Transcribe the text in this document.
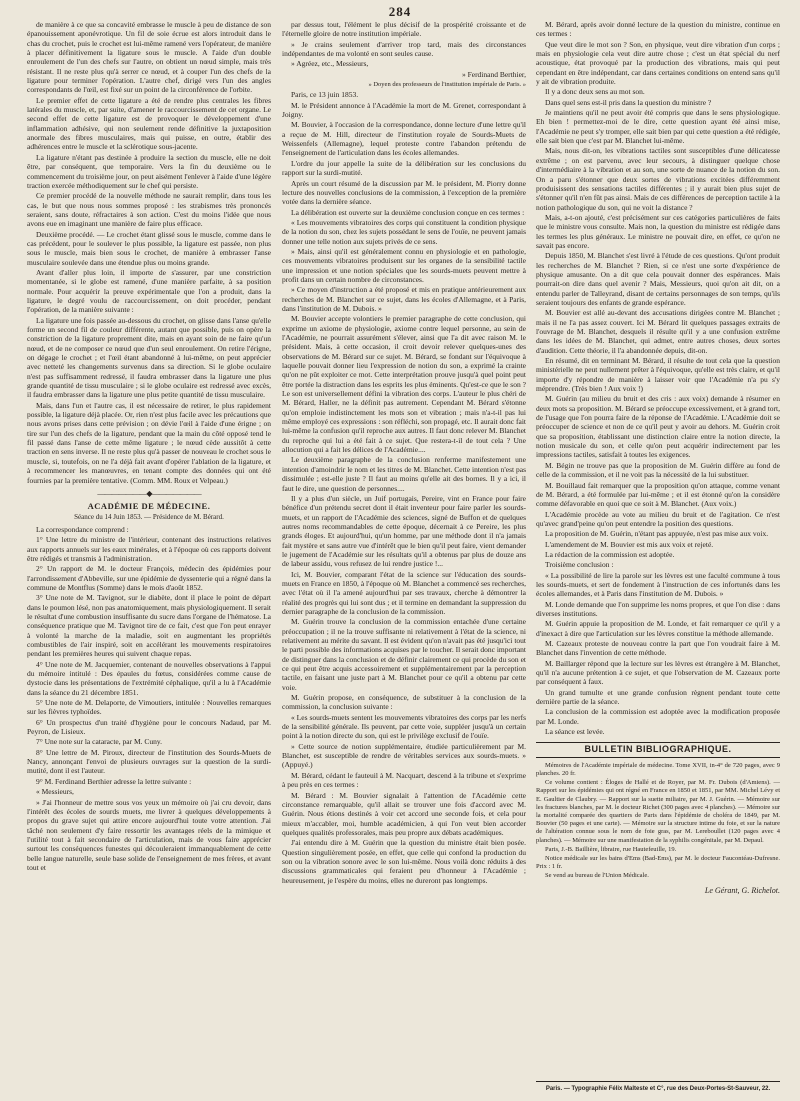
284

de manière à ce que sa concavité embrasse le muscle à peu de distance de son épanouissement aponévrotique. Un fil de soie écrue est alors introduit dans le chas du crochet, puis le crochet est lui-même ramené vers l'opérateur, de manière à placer définitivement la ligature sous le muscle. A l'aide d'un double enroulement de l'un des chefs sur l'autre, on obtient un nœud simple, mais très résistant. Il ne reste plus qu'à serrer ce nœud, et à couper l'un des chefs de la ligature pour terminer l'opération. L'autre chef, dirigé vers l'un des angles correspondants de l'œil, est fixé sur un point de la circonférence de l'orbite.

Le premier effet de cette ligature a été de rendre plus centrales les fibres latérales du muscle, et, par suite, d'amener le raccourcissement de cet organe. Le second effet de cette ligature est de provoquer le développement d'une inflammation adhésive, qui non seulement rende définitive la juxtaposition anormale des fibres musculaires, mais qui puisse, en outre, établir des adhérences entre le muscle et la sclérotique sous-jacente.

La ligature n'étant pas destinée à produire la section du muscle, elle ne doit être, par conséquent, que temporaire. Vers la fin du deuxième ou le commencement du troisième jour, on peut aisément l'enlever à l'aide d'une légère traction exercée méthodiquement sur le chef qui persiste.

Ce premier procédé de la nouvelle méthode ne saurait remplir, dans tous les cas, le but que nous nous sommes proposé : les strabismes très prononcés seraient, sans doute, réfractaires à son action. C'est du moins l'idée que nous avons eue en imaginant une manière de faire plus efficace.

Deuxième procédé. — Le crochet étant glissé sous le muscle, comme dans le cas précédent, pour le soulever le plus possible, la ligature est passée, non plus sous le muscle, mais bien sous le crochet, de manière à embrasser l'anse musculaire soulevée dans une étendue plus ou moins grande.

Avant d'aller plus loin, il importe de s'assurer, par une constriction momentanée, si le globe est ramené, d'une manière parfaite, à sa position normale. Pour acquérir la preuve expérimentale que l'on a produit, dans la ligature, le degré voulu de raccourcissement, on doit procéder, pendant l'opération, de la manière suivante :

La ligature une fois passée au-dessous du crochet, on glisse dans l'anse qu'elle forme un second fil de couleur différente, autant que possible, puis on opère la constriction de la ligature proprement dite, mais en ayant soin de ne faire qu'un nœud, et de ne composer ce nœud que d'un seul enroulement. On retire l'érigne, on dégage le crochet ; et l'œil étant abandonné à lui-même, on peut apprécier avec netteté les changements survenus dans sa direction. Si le globe oculaire n'est pas suffisamment redressé, il faudra embrasser dans la ligature une plus grande quantité de tissu musculaire ; si le globe oculaire est redressé avec excès, il faudra embrasser dans la ligature une plus petite quantité de tissu musculaire.

Mais, dans l'un et l'autre cas, il est nécessaire de retirer, le plus rapidement possible, la ligature déjà placée. Or, rien n'est plus facile avec les précautions que nous avons prises dans cette prévision ; on dévie l'œil à l'aide d'une érigne ; on tire sur l'un des chefs de la ligature, pendant que la main du côté opposé tend le fil passé dans l'anse de cette même ligature ; le nœud cède aussitôt à cette traction en sens inverse. Il ne reste plus qu'à passer de nouveau le crochet sous le muscle, si, toutefois, on ne l'a déjà fait avant d'opérer l'ablation de la ligature, et à recommencer les manœuvres, en tenant compte des données qui ont été fournies par la première tentative. (Comm. MM. Roux et Velpeau.)

―――――――◆―――――――
ACADÉMIE DE MÉDECINE.
Séance du 14 Juin 1853. — Présidence de M. Bérard.

La correspondance comprend :

1° Une lettre du ministre de l'intérieur, contenant des instructions relatives aux rapports annuels sur les eaux minérales, et à l'époque où ces rapports doivent être rédigés et transmis à l'administration.

2° Un rapport de M. le docteur François, médecin des épidémies pour l'arrondissement d'Abbeville, sur une épidémie de dyssenterie qui a régné dans la commune de Montflus (Somme) dans le mois d'août 1852.

3° Une note de M. Tavignot, sur le diabète, dont il place le point de départ dans le poumon lésé, non pas anatomiquement, mais physiologiquement. Il serait le résultat d'une combustion insuffisante du sucre dans l'organe de l'hématose. La conséquence pratique que M. Tavignot tire de ce fait, c'est que l'on peut enrayer à volonté la marche de la maladie, soit en augmentant les propriétés combustibles de l'air inspiré, soit en accélérant les mouvements respiratoires pendant les premières heures qui suivent chaque repas.

4° Une note de M. Jacquemier, contenant de nouvelles observations à l'appui du mémoire intitulé : Des épaules du fœtus, considérées comme cause de dystocie dans les présentations de l'extrémité céphalique, qu'il a lu à l'Académie dans la séance du 21 décembre 1851.

5° Une note de M. Delaporte, de Vimoutiers, intitulée : Nouvelles remarques sur les fièvres typhoïdes.

6° Un prospectus d'un traité d'hygiène pour le concours Nadaud, par M. Peyron, de Lisieux.

7° Une note sur la cataracte, par M. Cuny.

8° Une lettre de M. Piroux, directeur de l'institution des Sourds-Muets de Nancy, annonçant l'envoi de plusieurs ouvrages sur la question de la surdi-mutité, dont il est l'auteur.

9° M. Ferdinand Berthier adresse la lettre suivante :

« Messieurs,

» J'ai l'honneur de mettre sous vos yeux un mémoire où j'ai cru devoir, dans l'intérêt des écoles de sourds muets, me livrer à quelques développements à propos du grave sujet qui attire encore aujourd'hui toute votre attention. J'ai tâché non seulement d'y faire ressortir les avantages réels de la mimique et l'utilité tout à fait secondaire de l'articulation, mais de vous faire apprécier surtout les conséquences funestes qui découleraient immanquablement de cette belle langue naturelle, seule base solide de l'enseignement de mes frères, et avant tout et

par dessus tout, l'élément le plus décisif de la prospérité croissante et de l'éternelle gloire de notre institution impériale.

» Je crains seulement d'arriver trop tard, mais des circonstances indépendantes de ma volonté en sont seules cause.

» Agréez, etc., Messieurs,

» Ferdinand Berthier,

» Doyen des professeurs de l'institution impériale de Paris. »

Paris, ce 13 juin 1853.

M. le Président annonce à l'Académie la mort de M. Grenet, correspondant à Joigny.

M. Bouvier, à l'occasion de la correspondance, donne lecture d'une lettre qu'il a reçue de M. Hill, directeur de l'institution royale de Sourds-Muets de Weissenfels (Allemagne), lequel proteste contre l'abandon prétendu de l'enseignement de l'articulation dans les écoles allemandes.

L'ordre du jour appelle la suite de la délibération sur les conclusions du rapport sur la surdi-mutité.

Après un court résumé de la discussion par M. le président, M. Piorry donne lecture des nouvelles conclusions de la commission, à l'exception de la première votée dans la dernière séance.

La délibération est ouverte sur la deuxième conclusion conçue en ces termes :

« Les mouvements vibratoires des corps qui constituent la condition physique de la notion du son, chez les sujets possédant le sens de l'ouïe, ne peuvent jamais donner une telle notion aux sujets privés de ce sens.

» Mais, ainsi qu'il est généralement connu en physiologie et en pathologie, ces mouvements vibratoires produisent sur les organes de la sensibilité tactile une impression et une notion spéciales que les sourds-muets peuvent mettre à profit dans un certain nombre de circonstances.

» Ce moyen d'instruction a été proposé et mis en pratique antérieurement aux recherches de M. Blanchet sur ce sujet, dans les écoles d'Allemagne, et à Paris, dans l'institution de M. Dubois. »

M. Bouvier accepte volontiers le premier paragraphe de cette conclusion, qui exprime un axiome de physiologie, axiome contre lequel personne, au sein de l'Académie, ne pourrait assurément s'élever, ainsi que l'a dit avec raison M. le président. Mais, à cette occasion, il croit devoir relever quelques-unes des observations de M. Bérard sur ce sujet. M. Bérard, se fondant sur l'équivoque à laquelle pouvait donner lieu l'expression de notion du son, a exprimé la crainte qu'on ne pût exploiter ce mot. Cette interprétation prouve jusqu'à quel point peut être portée la distraction dans les esprits les plus éminents. Qu'est-ce que le son ? Le son est universellement défini la vibration des corps. L'auteur le plus chéri de M. Bérard, Haller, ne la définit pas autrement. Cependant M. Bérard s'étonne qu'on emploie indistinctement les mots son et vibration ; mais n'a-t-il pas lui même employé ces expressions : son réfléchi, son propagé, etc. Il aurait donc fait lui-même la confusion qu'il reproche aux autres. Il faut donc relever M. Blanchet du reproche qui lui a été fait à ce sujet. Que restera-t-il de tout cela ? Une allocution qui a fait les délices de l'Académie....

Le deuxième paragraphe de la conclusion renferme manifestement une intention d'amoindrir le nom et les titres de M. Blanchet. Cette intention n'est pas dissimulée ; est-elle juste ? Il faut au moins qu'elle ait des bornes. Il y a ici, il faut le dire, une question de personnes....

Il y a plus d'un siècle, un Juif portugais, Pereire, vint en France pour faire bénéfice d'un prétendu secret dont il était inventeur pour faire parler les sourds-muets, et un rapport de l'Académie des sciences, signé de Buffon et de quelques autres noms recommandables de cette époque, décernait à ce Pereire, les plus grands éloges. Et aujourd'hui, qu'un homme, par une méthode dont il n'a jamais fait mystère et sans autre vue d'intérêt que le bien qu'il peut faire, vient demander le jugement de l'Académie sur les résultats qu'il a obtenus par plus de douze ans de labeur assidu, vous refusez de lui rendre justice !...

Ici, M. Bouvier, comparant l'état de la science sur l'éducation des sourds-muets en France en 1850, à l'époque où M. Blanchet a commencé ses recherches, avec l'état où il l'a amené aujourd'hui par ses travaux, cherche à démontrer la réalité des progrès qui lui sont dus ; et il termine en demandant la suppression du dernier paragraphe de la conclusion de la commission.

M. Guérin trouve la conclusion de la commission entachée d'une certaine préoccupation ; il ne la trouve suffisante ni relativement à l'état de la science, ni relativement au mérite du savant. Il est évident qu'on n'avait pas été jusqu'ici tout le parti possible des informations acquises par le toucher. Il serait donc important de distinguer dans la conclusion et de définir clairement ce qui procède du son et ce qui peut être acquis accessoirement et supplémentairement par la perception tactile, en faisant une juste part à M. Blanchet pour ce qu'il a obtenu par cette voie.

M. Guérin propose, en conséquence, de substituer à la conclusion de la commission, la conclusion suivante :

« Les sourds-muets sentent les mouvements vibratoires des corps par les nerfs de la sensibilité générale. Ils peuvent, par cette voie, suppléer jusqu'à un certain point à la notion directe du son, qui est le privilège exclusif de l'ouïe.

» Cette source de notion supplémentaire, étudiée particulièrement par M. Blanchet, est susceptible de rendre de véritables services aux sourds-muets. » (Appuyé.)

M. Bérard, cédant le fauteuil à M. Nacquart, descend à la tribune et s'exprime à peu près en ces termes :

M. Bérard : M. Bouvier signalait à l'attention de l'Académie cette circonstance remarquable, qu'il allait se trouver une fois d'accord avec M. Guérin. Nous étions destinés à voir cet accord une seconde fois, et cela pour mieux m'accabler, moi, humble académicien, à qui l'on veut bien accorder quelques qualités professorales, mais peu propre aux débats académiques.

J'ai entendu dire à M. Guérin que la question du ministre était bien posée. Question singulièrement posée, en effet, que celle qui confond la production du son ou la vibration sonore avec le son lui-même. Nous voilà donc réduits à des discussions grammaticales qui feraient peu d'honneur à l'Académie ; heureusement, je l'espère du moins, elles ne dureront pas longtemps.

M. Bérard, après avoir donné lecture de la question du ministre, continue en ces termes :

Que veut dire le mot son ? Son, en physique, veut dire vibration d'un corps ; mais en physiologie cela veut dire autre chose ; c'est un état spécial du nerf acoustique, état provoqué par la production des vibrations, mais qui peut cependant en être indépendant, car dans certaines conditions on entend sans qu'il y ait de vibration produite.

Il y a donc deux sens au mot son.

Dans quel sens est-il pris dans la question du ministre ?

Je maintiens qu'il ne peut avoir été compris que dans le sens physiologique. Eh bien ! permettez-moi de le dire, cette question ayant été ainsi mise, l'Académie ne peut s'y tromper, elle sait bien par qui cette question a été rédigée, elle sait bien que c'est par M. Blanchet lui-même.

Mais, nous dit-on, les vibrations tactiles sont susceptibles d'une délicatesse extrême ; on est parvenu, avec leur secours, à distinguer quelque chose d'intermédiaire à la vibration et au son, une sorte de nuance de la notion du son. On a paru s'étonner que deux sortes de vibrations excitées différemment produisissent des sensations tactiles différentes ; il y aurait bien plus sujet de s'étonner qu'il n'en fût pas ainsi. Mais de ces différences de perception tactile à la notion pathologique du son, qui ne voit la distance ?

Mais, a-t-on ajouté, c'est précisément sur ces catégories particulières de faits que le ministre vous consulte. Mais non, la question du ministre est rédigée dans les termes les plus généraux. Le ministre ne pouvait dire, en effet, ce qu'on ne savait pas encore.

Depuis 1850, M. Blanchet s'est livré à l'étude de ces questions. Qu'ont produit les recherches de M. Blanchet ? Rien, si ce n'est une sorte d'expérience de physique amusante. On a dit que cela pouvait donner des espérances. Mais pourrait-on dire dans quel avenir ? Mais, Messieurs, quoi qu'on ait dit, on a entendu parler de Talleyrand, disant de certains personnages de son temps, qu'ils seraient toujours des enfants de grande espérance.

M. Bouvier est allé au-devant des accusations dirigées contre M. Blanchet ; mais il ne l'a pas assez couvert. Ici M. Bérard lit quelques passages extraits de l'ouvrage de M. Blanchet, desquels il résulte qu'il y a une confusion extrême dans les idées de M. Blanchet, qui admet, entre autres choses, deux sortes d'audition. Cette théorie, il l'a abandonnée depuis, dit-on.

En résumé, dit en terminant M. Bérard, il résulte de tout cela que la question ministérielle ne peut nullement prêter à l'équivoque, qu'elle est très claire, et qu'il importe d'y répondre de manière à laisser voir que l'Académie n'a pu s'y méprendre. (Très bien ! Aux voix !)

M. Guérin (au milieu du bruit et des cris : aux voix) demande à résumer en deux mots sa proposition. M. Bérard se préoccupe excessivement, et à grand tort, de l'usage que l'on pourra faire de la réponse de l'Académie. L'Académie doit se préoccuper de science et non de ce qu'il peut y avoir au dehors. M. Guérin croit que sa proposition, établissant une distinction claire entre la notion directe, la notion musicale du son, et celle qu'on peut acquérir indirectement par les impressions tactiles, satisfait à toutes les exigences.

M. Bégin ne trouve pas que la proposition de M. Guérin diffère au fond de celle de la commission, et il ne voit pas la nécessité de la lui substituer.

M. Bouillaud fait remarquer que la proposition qu'on attaque, comme venant de M. Bérard, a été formulée par lui-même ; et il est étonné qu'on la considère comme défavorable en quoi que ce soit à M. Blanchet. (Aux voix.)

L'Académie procède au vote au milieu du bruit et de l'agitation. Ce n'est qu'avec grand'peine qu'on peut entendre la position des questions.

La proposition de M. Guérin, n'étant pas appuyée, n'est pas mise aux voix.

L'amendement de M. Bouvier est mis aux voix et rejeté.

La rédaction de la commission est adoptée.

Troisième conclusion :

« La possibilité de lire la parole sur les lèvres est une faculté commune à tous les sourds-muets, et sert de fondement à l'instruction de ces infortunés dans les écoles allemandes, et à Paris dans l'institution de M. Dubois. »

M. Londe demande que l'on supprime les noms propres, et que l'on dise : dans diverses institutions.

M. Guérin appuie la proposition de M. Londe, et fait remarquer ce qu'il y a d'inexact à dire que l'articulation sur les lèvres constitue la méthode allemande.

M. Cazeaux proteste de nouveau contre la part que l'on voudrait faire à M. Blanchet dans l'invention de cette méthode.

M. Baillarger répond que la lecture sur les lèvres est étrangère à M. Blanchet, qu'il n'a aucune prétention à ce sujet, et que l'observation de M. Cazeaux porte par conséquent à faux.

Un grand tumulte et une grande confusion règnent pendant toute cette dernière partie de la séance.

La conclusion de la commission est adoptée avec la modification proposée par M. Londe.

La séance est levée.

BULLETIN BIBLIOGRAPHIQUE.

Mémoires de l'Académie impériale de médecine. Tome XVII, in-4° de 720 pages, avec 9 planches. 20 fr.

Ce volume contient : Éloges de Hallé et de Royer, par M. Fr. Dubois (d'Amiens). — Rapport sur les épidémies qui ont régné en France en 1850 et 1851, par MM. Michel Lévy et E. Gaultier de Claubry. — Rapport sur la suette miliaire, par M. J. Guérin. — Mémoire sur les fractures blanches, par M. le docteur Richet (300 pages avec 4 planches). — Mémoire sur la mortalité comparée des quartiers de Paris dans l'épidémie de choléra de 1849, par M. Bouvier (50 pages et une carte). — Mémoire sur la structure intime du foie, et sur la nature de l'altération connue sous le nom de foie gras, par M. Lereboullet (120 pages avec 4 planches). — Mémoire sur une manifestation de la syphilis congénitale, par M. Depaul.

Paris, J.-B. Baillière, libraire, rue Hautefeuille, 19.

Notice médicale sur les bains d'Ems (Bad-Ems), par M. le docteur Faucontéau-Dufresne. Prix : 1 fr.

Se vend au bureau de l'Union Médicale.

Le Gérant, G. Richelot.
Paris. — Typographie Félix Malteste et C°, rue des Deux-Portes-St-Sauveur, 22.
